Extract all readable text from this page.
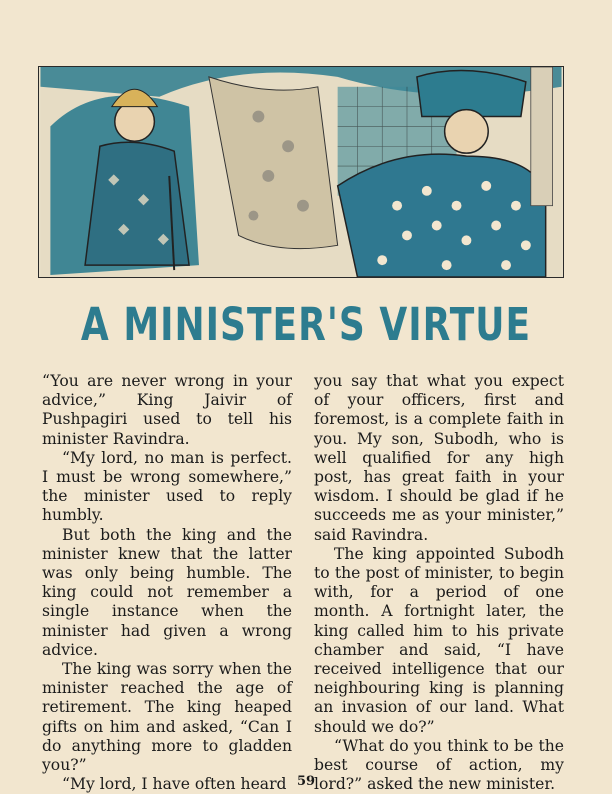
A MINISTER'S VIRTUE

“You are never wrong in your advice,” King Jaivir of Pushpagiri used to tell his minister Ravindra.

“My lord, no man is perfect. I must be wrong somewhere,” the minister used to reply humbly.

But both the king and the minister knew that the latter was only being humble. The king could not remember a single instance when the minister had given a wrong advice.

The king was sorry when the minister reached the age of retirement. The king heaped gifts on him and asked, “Can I do anything more to gladden you?”

“My lord, I have often heard

you say that what you expect of your officers, first and foremost, is a complete faith in you. My son, Subodh, who is well qualified for any high post, has great faith in your wisdom. I should be glad if he succeeds me as your minister,” said Ravindra.

The king appointed Subodh to the post of minister, to begin with, for a period of one month. A fortnight later, the king called him to his private chamber and said, “I have received intelligence that our neighbouring king is planning an invasion of our land. What should we do?”

“What do you think to be the best course of action, my lord?” asked the new minister.

59
